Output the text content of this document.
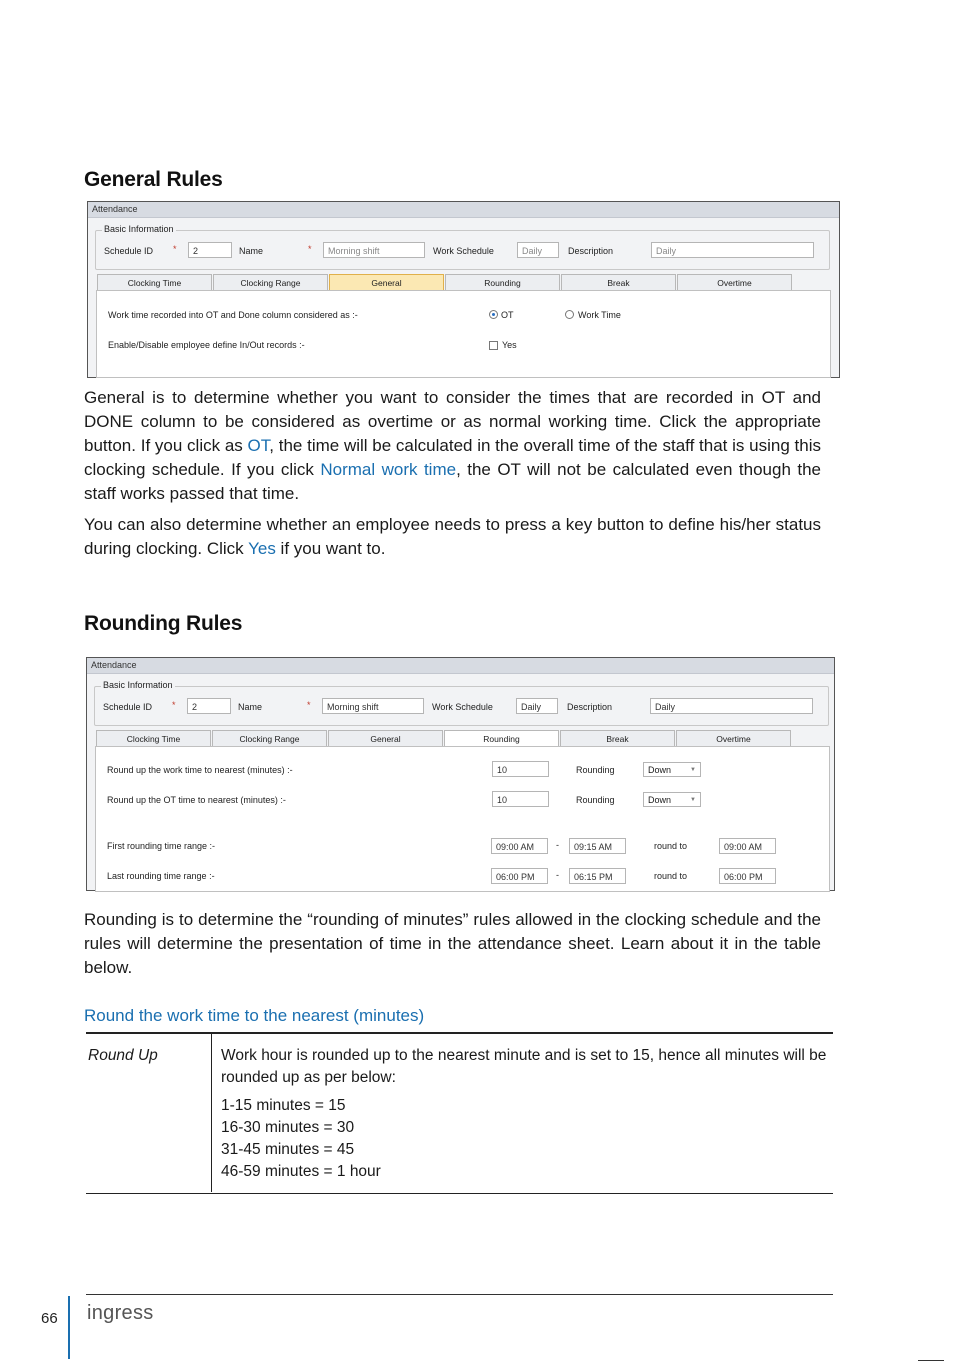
General Rules
Attendance
Basic Information
Schedule ID *	2	Name	*	Morning shift	Work Schedule	Daily	Description	Daily
Clocking Time	Clocking Range	General	Rounding	Break	Overtime
Work time recorded into OT and Done column considered as :-	OT	Work Time
Enable/Disable employee define In/Out records :-	Yes

General is to determine whether you want to consider the times that are recorded in OT and DONE column to be considered as overtime or as normal working time. Click the appropriate button. If you click as OT, the time will be calculated in the overall time of the staff that is using this clocking schedule. If you click Normal work time, the OT will not be calculated even though the staff works passed that time.

You can also determine whether an employee needs to press a key button to define his/her status during clocking. Click Yes if you want to.

Rounding Rules
Attendance
Basic Information
Schedule ID *	2	Name	*	Morning shift	Work Schedule	Daily	Description	Daily
Clocking Time	Clocking Range	General	Rounding	Break	Overtime
Round up the work time to nearest (minutes) :-	10	Rounding	Down	▼
Round up the OT time to nearest (minutes) :-	10	Rounding	Down	▼
First rounding time range :-	09:00 AM	-	09:15 AM	round to	09:00 AM
Last rounding time range :-	06:00 PM	-	06:15 PM	round to	06:00 PM

Rounding is to determine the “rounding of minutes” rules allowed in the clocking schedule and the rules will determine the presentation of time in the attendance sheet. Learn about it in the table below.

Round the work time to the nearest (minutes)
Round Up	Work hour is rounded up to the nearest minute and is set to 15, hence all minutes will be rounded up as per below:
1-15 minutes = 15
16-30 minutes = 30
31-45 minutes = 45
46-59 minutes = 1 hour
66 ingress
